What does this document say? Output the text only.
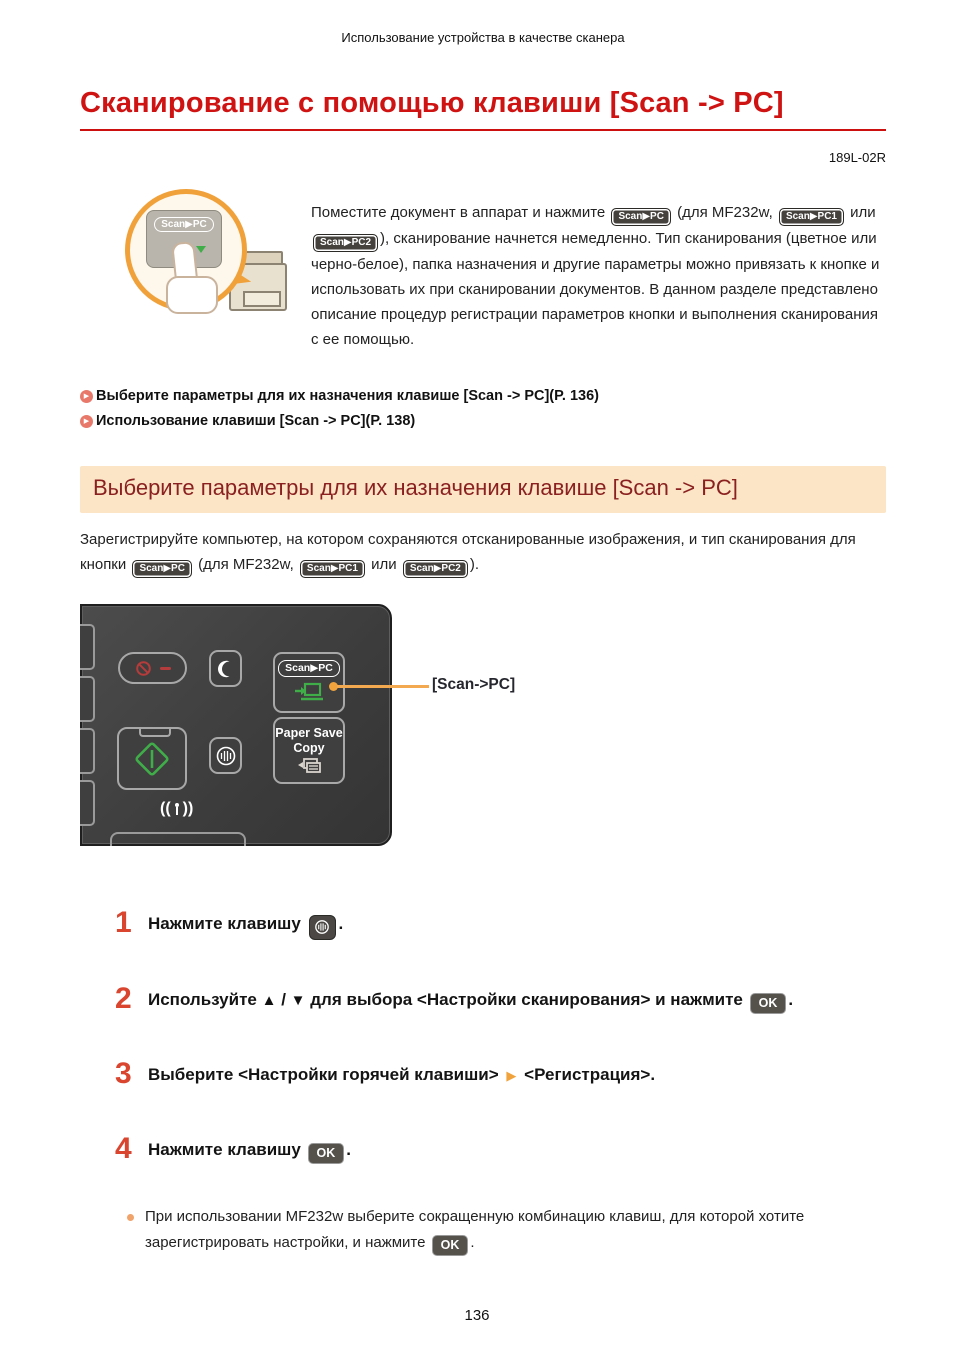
Использование устройства в качестве сканера
Сканирование с помощью клавиши [Scan -> PC]
189L-02R
Scan▶PC

Поместите документ в аппарат и нажмите Scan▶PC (для MF232w, Scan▶PC1 или Scan▶PC2 ), сканирование начнется немедленно. Тип сканирования (цветное или черно-белое), папка назначения и другие параметры можно привязать к кнопке и использовать их при сканировании документов. В данном разделе представлено описание процедур регистрации параметров кнопки и выполнения сканирования с ее помощью.

▶ Выберите параметры для их назначения клавише [Scan -> PC](P. 136)
▶ Использование клавиши [Scan -> PC](P. 138)
Выберите параметры для их назначения клавише [Scan -> PC]

Зарегистрируйте компьютер, на котором сохраняются отсканированные изображения, и тип сканирования для кнопки Scan▶PC (для MF232w, Scan▶PC1 или Scan▶PC2 ).

Scan▶PC
Paper Save
Copy
(( ))
[Scan->PC]
1 Нажмите клавишу .
2 Используйте ▲ / ▼ для выбора <Настройки сканирования> и нажмите OK .
3 Выберите <Настройки горячей клавиши> ▶ <Регистрация>.
4 Нажмите клавишу OK .
При использовании MF232w выберите сокращенную комбинацию клавиш, для которой хотите зарегистрировать настройки, и нажмите OK .
136
